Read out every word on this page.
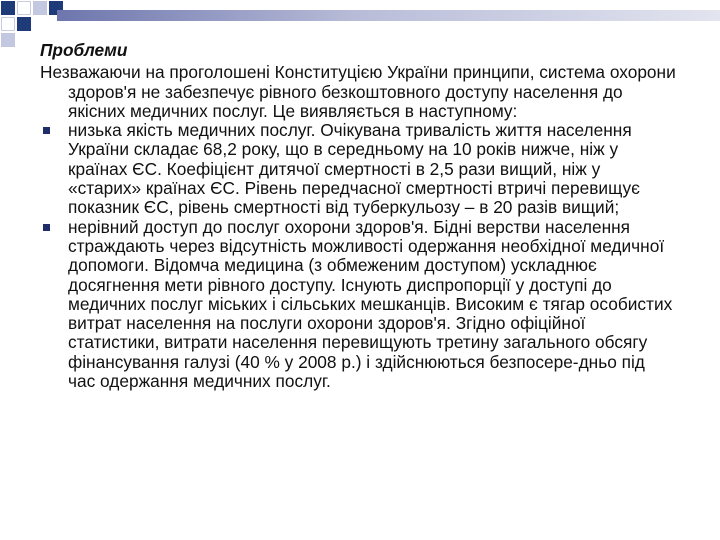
Проблеми

Незважаючи на проголошені Конституцією України принципи, система охорони здоров'я не забезпечує рівного безкоштовного доступу населення до якісних медичних послуг. Це виявляється в наступному:

низька якість медичних послуг. Очікувана тривалість життя населення України складає 68,2 року, що в середньому на 10 років нижче, ніж у країнах ЄС. Коефіцієнт дитячої смертності в 2,5 рази вищий, ніж у «старих» країнах ЄС. Рівень передчасної смертності втричі перевищує показник ЄС, рівень смертності від туберкульозу – в 20 разів вищий;
нерівний доступ до послуг охорони здоров'я. Бідні верстви населення страждають через відсутність можливості одержання необхідної медичної допомоги. Відомча медицина (з обмеженим доступом) ускладнює досягнення мети рівного доступу. Існують диспропорції у доступі до медичних послуг міських і сільських мешканців. Високим є тягар особистих витрат населення на послуги охорони здоров'я. Згідно офіційної статистики, витрати населення перевищують третину загального обсягу фінансування галузі (40 % у 2008 р.) і здійснюються безпосере-дньо під час одержання медичних послуг.
